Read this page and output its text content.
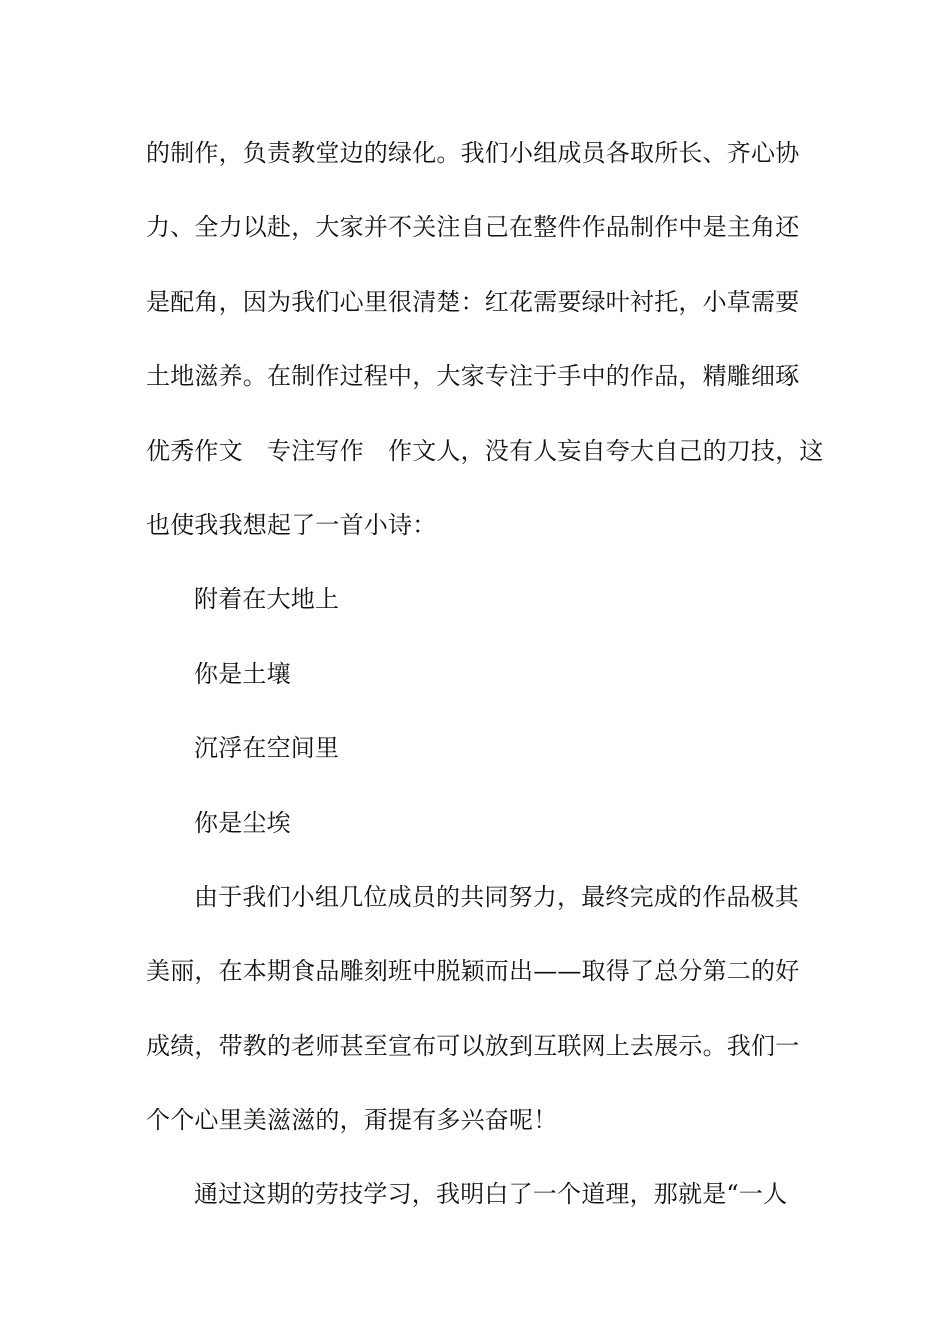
的制作，负责教堂边的绿化。我们小组成员各取所长、齐心协
力、全力以赴，大家并不关注自己在整件作品制作中是主角还
是配角，因为我们心里很清楚：红花需要绿叶衬托，小草需要
土地滋养。在制作过程中，大家专注于手中的作品，精雕细琢
优秀作文　专注写作　作文人，没有人妄自夸大自己的刀技，这
也使我我想起了一首小诗：
附着在大地上
你是土壤
沉浮在空间里
你是尘埃
由于我们小组几位成员的共同努力，最终完成的作品极其
美丽，在本期食品雕刻班中脱颖而出——取得了总分第二的好
成绩，带教的老师甚至宣布可以放到互联网上去展示。我们一
个个心里美滋滋的，甭提有多兴奋呢！
通过这期的劳技学习，我明白了一个道理，那就是“一人
